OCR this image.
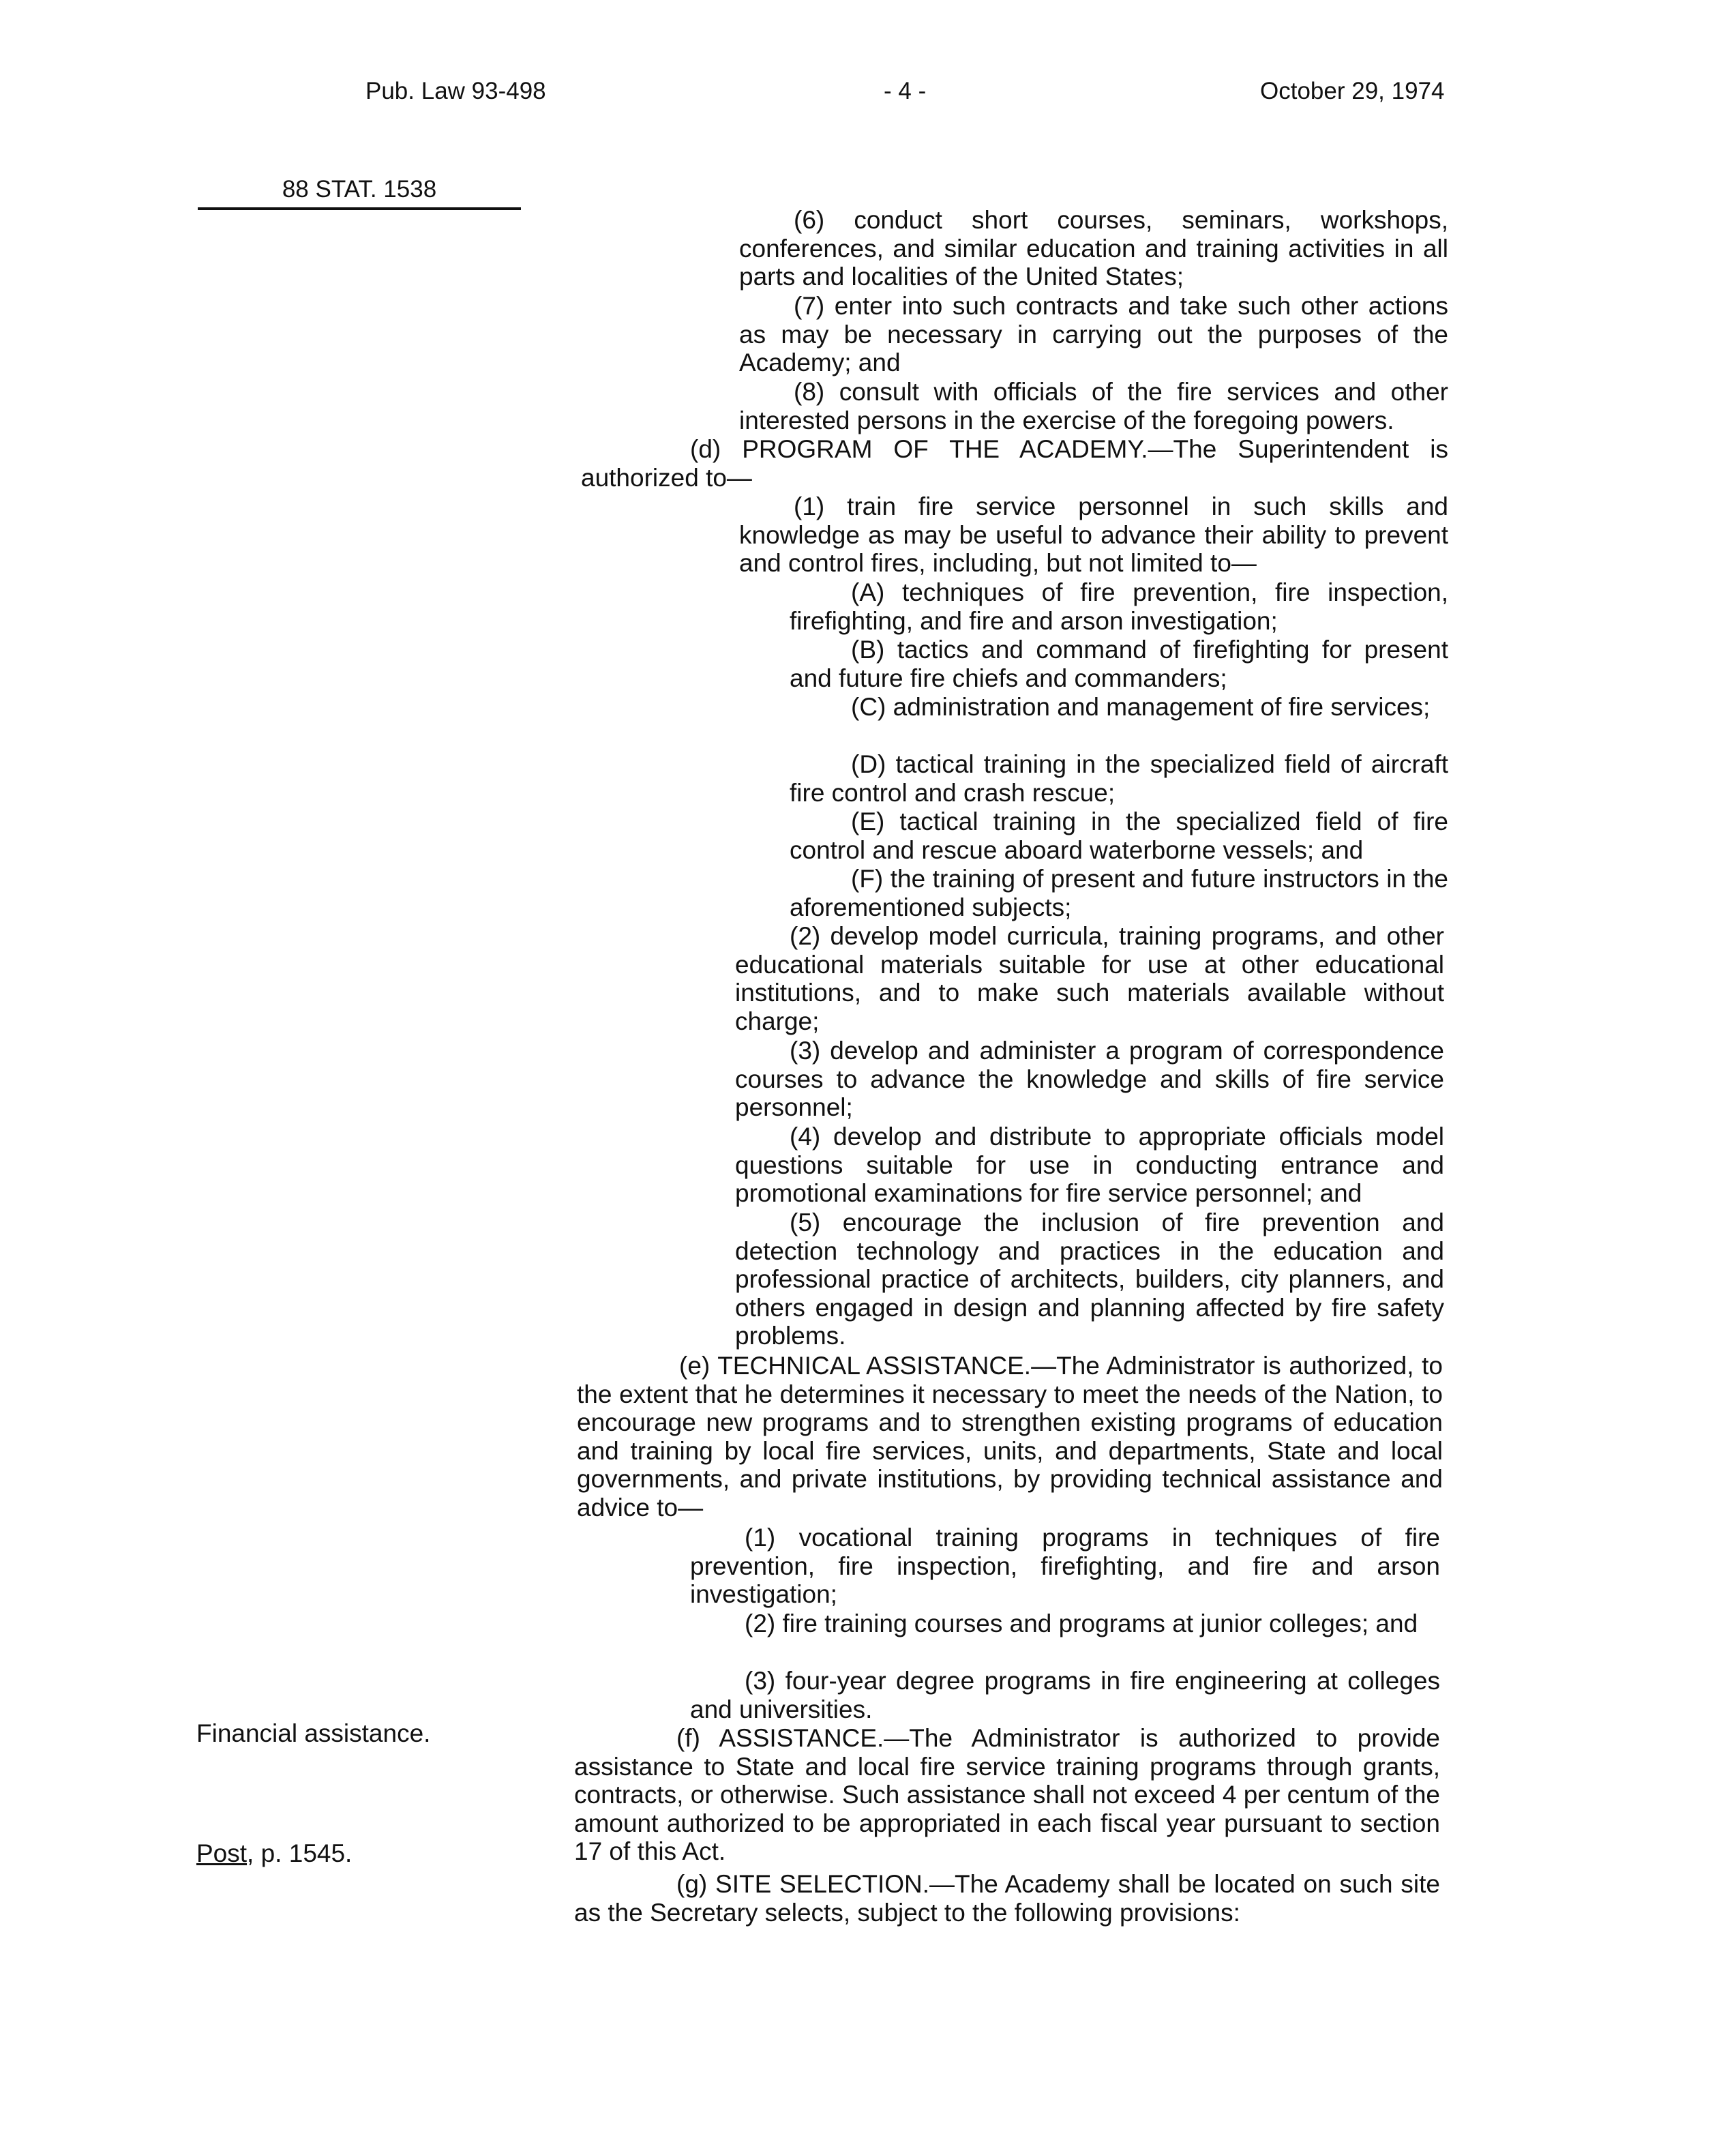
Pub. Law 93-498	- 4 -	October 29, 1974
88 STAT. 1538
Financial assistance.
Post, p. 1545.
(6) conduct short courses, seminars, workshops, conferences, and similar education and training activities in all parts and localities of the United States;
(7) enter into such contracts and take such other actions as may be necessary in carrying out the purposes of the Academy; and
(8) consult with officials of the fire services and other interested persons in the exercise of the foregoing powers.
(d) PROGRAM OF THE ACADEMY.—The Superintendent is authorized to—
(1) train fire service personnel in such skills and knowledge as may be useful to advance their ability to prevent and control fires, including, but not limited to—
(A) techniques of fire prevention, fire inspection, firefighting, and fire and arson investigation;
(B) tactics and command of firefighting for present and future fire chiefs and commanders;
(C) administration and management of fire services;
(D) tactical training in the specialized field of aircraft fire control and crash rescue;
(E) tactical training in the specialized field of fire control and rescue aboard waterborne vessels; and
(F) the training of present and future instructors in the aforementioned subjects;
(2) develop model curricula, training programs, and other educational materials suitable for use at other educational institutions, and to make such materials available without charge;
(3) develop and administer a program of correspondence courses to advance the knowledge and skills of fire service personnel;
(4) develop and distribute to appropriate officials model questions suitable for use in conducting entrance and promotional examinations for fire service personnel; and
(5) encourage the inclusion of fire prevention and detection technology and practices in the education and professional practice of architects, builders, city planners, and others engaged in design and planning affected by fire safety problems.
(e) TECHNICAL ASSISTANCE.—The Administrator is authorized, to the extent that he determines it necessary to meet the needs of the Nation, to encourage new programs and to strengthen existing programs of education and training by local fire services, units, and departments, State and local governments, and private institutions, by providing technical assistance and advice to—
(1) vocational training programs in techniques of fire prevention, fire inspection, firefighting, and fire and arson investigation;
(2) fire training courses and programs at junior colleges; and
(3) four-year degree programs in fire engineering at colleges and universities.
(f) ASSISTANCE.—The Administrator is authorized to provide assistance to State and local fire service training programs through grants, contracts, or otherwise. Such assistance shall not exceed 4 per centum of the amount authorized to be appropriated in each fiscal year pursuant to section 17 of this Act.
(g) SITE SELECTION.—The Academy shall be located on such site as the Secretary selects, subject to the following provisions:
